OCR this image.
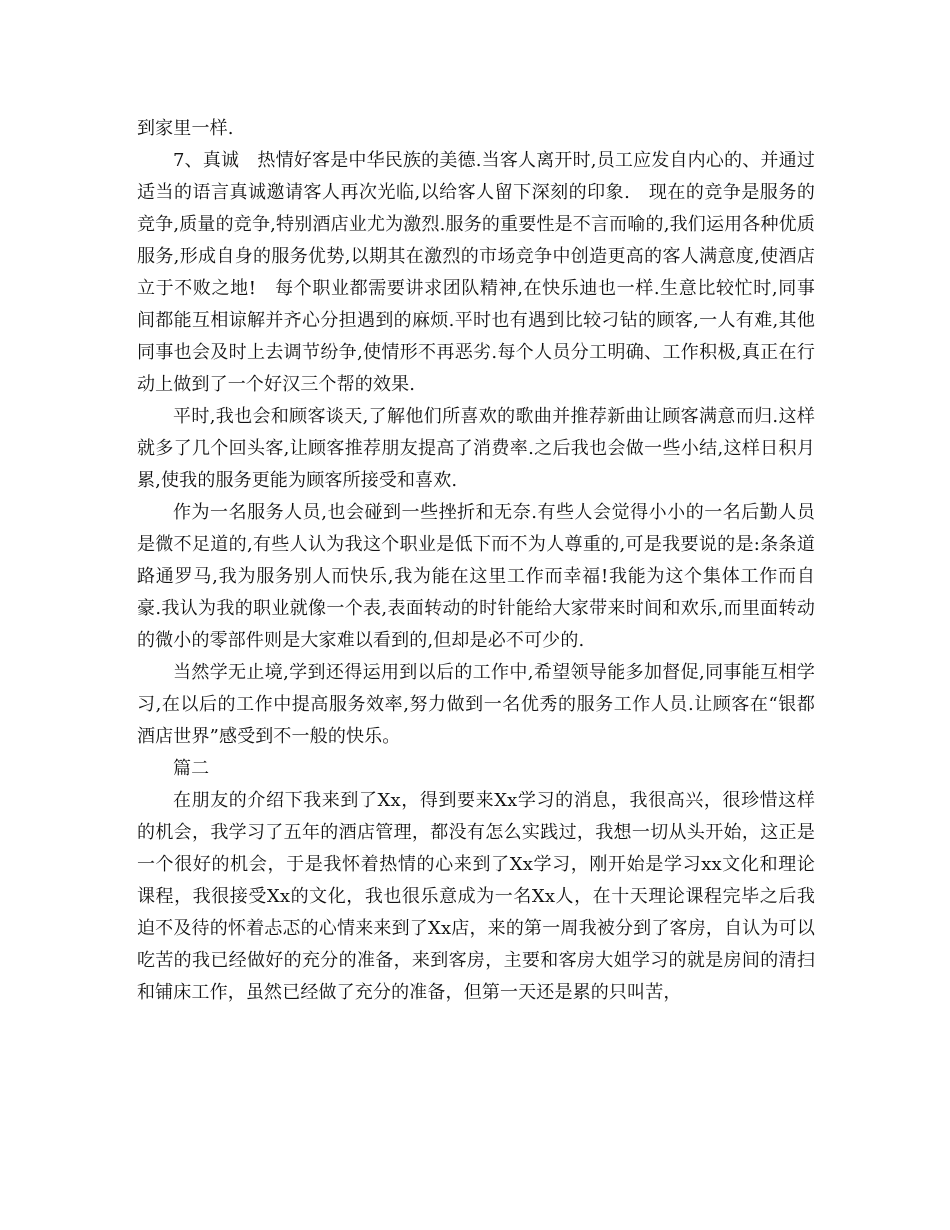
到家里一样.

7、真诚　热情好客是中华民族的美德.当客人离开时,员工应发自内心的、并通过适当的语言真诚邀请客人再次光临,以给客人留下深刻的印象.　现在的竞争是服务的竞争,质量的竞争,特别酒店业尤为激烈.服务的重要性是不言而喻的,我们运用各种优质服务,形成自身的服务优势,以期其在激烈的市场竞争中创造更高的客人满意度,使酒店立于不败之地!　每个职业都需要讲求团队精神,在快乐迪也一样.生意比较忙时,同事间都能互相谅解并齐心分担遇到的麻烦.平时也有遇到比较刁钻的顾客,一人有难,其他同事也会及时上去调节纷争,使情形不再恶劣.每个人员分工明确、工作积极,真正在行动上做到了一个好汉三个帮的效果.

平时,我也会和顾客谈天,了解他们所喜欢的歌曲并推荐新曲让顾客满意而归.这样就多了几个回头客,让顾客推荐朋友提高了消费率.之后我也会做一些小结,这样日积月累,使我的服务更能为顾客所接受和喜欢.

作为一名服务人员,也会碰到一些挫折和无奈.有些人会觉得小小的一名后勤人员是微不足道的,有些人认为我这个职业是低下而不为人尊重的,可是我要说的是:条条道路通罗马,我为服务别人而快乐,我为能在这里工作而幸福!我能为这个集体工作而自豪.我认为我的职业就像一个表,表面转动的时针能给大家带来时间和欢乐,而里面转动的微小的零部件则是大家难以看到的,但却是必不可少的.

当然学无止境,学到还得运用到以后的工作中,希望领导能多加督促,同事能互相学习,在以后的工作中提高服务效率,努力做到一名优秀的服务工作人员.让顾客在“银都酒店世界”感受到不一般的快乐。

篇二

在朋友的介绍下我来到了Xx，得到要来Xx学习的消息，我很高兴，很珍惜这样的机会，我学习了五年的酒店管理，都没有怎么实践过，我想一切从头开始，这正是一个很好的机会，于是我怀着热情的心来到了Xx学习，刚开始是学习xx文化和理论课程，我很接受Xx的文化，我也很乐意成为一名Xx人，在十天理论课程完毕之后我迫不及待的怀着忐忑的心情来来到了Xx店，来的第一周我被分到了客房，自认为可以吃苦的我已经做好的充分的准备，来到客房，主要和客房大姐学习的就是房间的清扫和铺床工作，虽然已经做了充分的准备，但第一天还是累的只叫苦，
